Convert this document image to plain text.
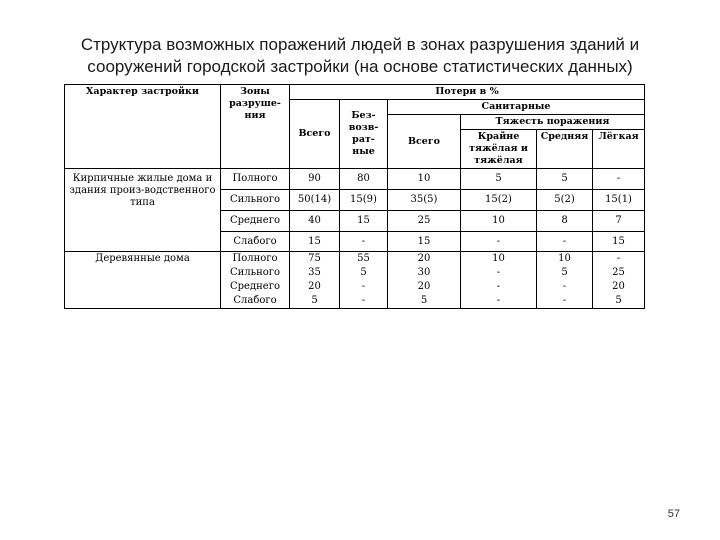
Структура возможных поражений людей в зонах разрушения зданий и
сооружений городской застройки (на основе статистических данных)
Характер застройки	Зоны разруше-ния	Потери в %					
		Всего	Без-возв-рат-ные	Санитарные			
				Всего	Тяжесть поражения		
					Крайне тяжёлая и тяжёлая	Средняя	Лёгкая
Кирпичные жилые дома и здания произ-водственного типа	Полного	90	80	10	5	5	-
	Сильного	50(14)	15(9)	35(5)	15(2)	5(2)	15(1)
	Среднего	40	15	25	10	8	7
	Слабого	15	-	15	-	-	15
Деревянные дома	Полного	75	55	20	10	10	-
	Сильного	35	5	30	-	5	25
	Среднего	20	-	20	-	-	20
	Слабого	5	-	5	-	-	5
57
